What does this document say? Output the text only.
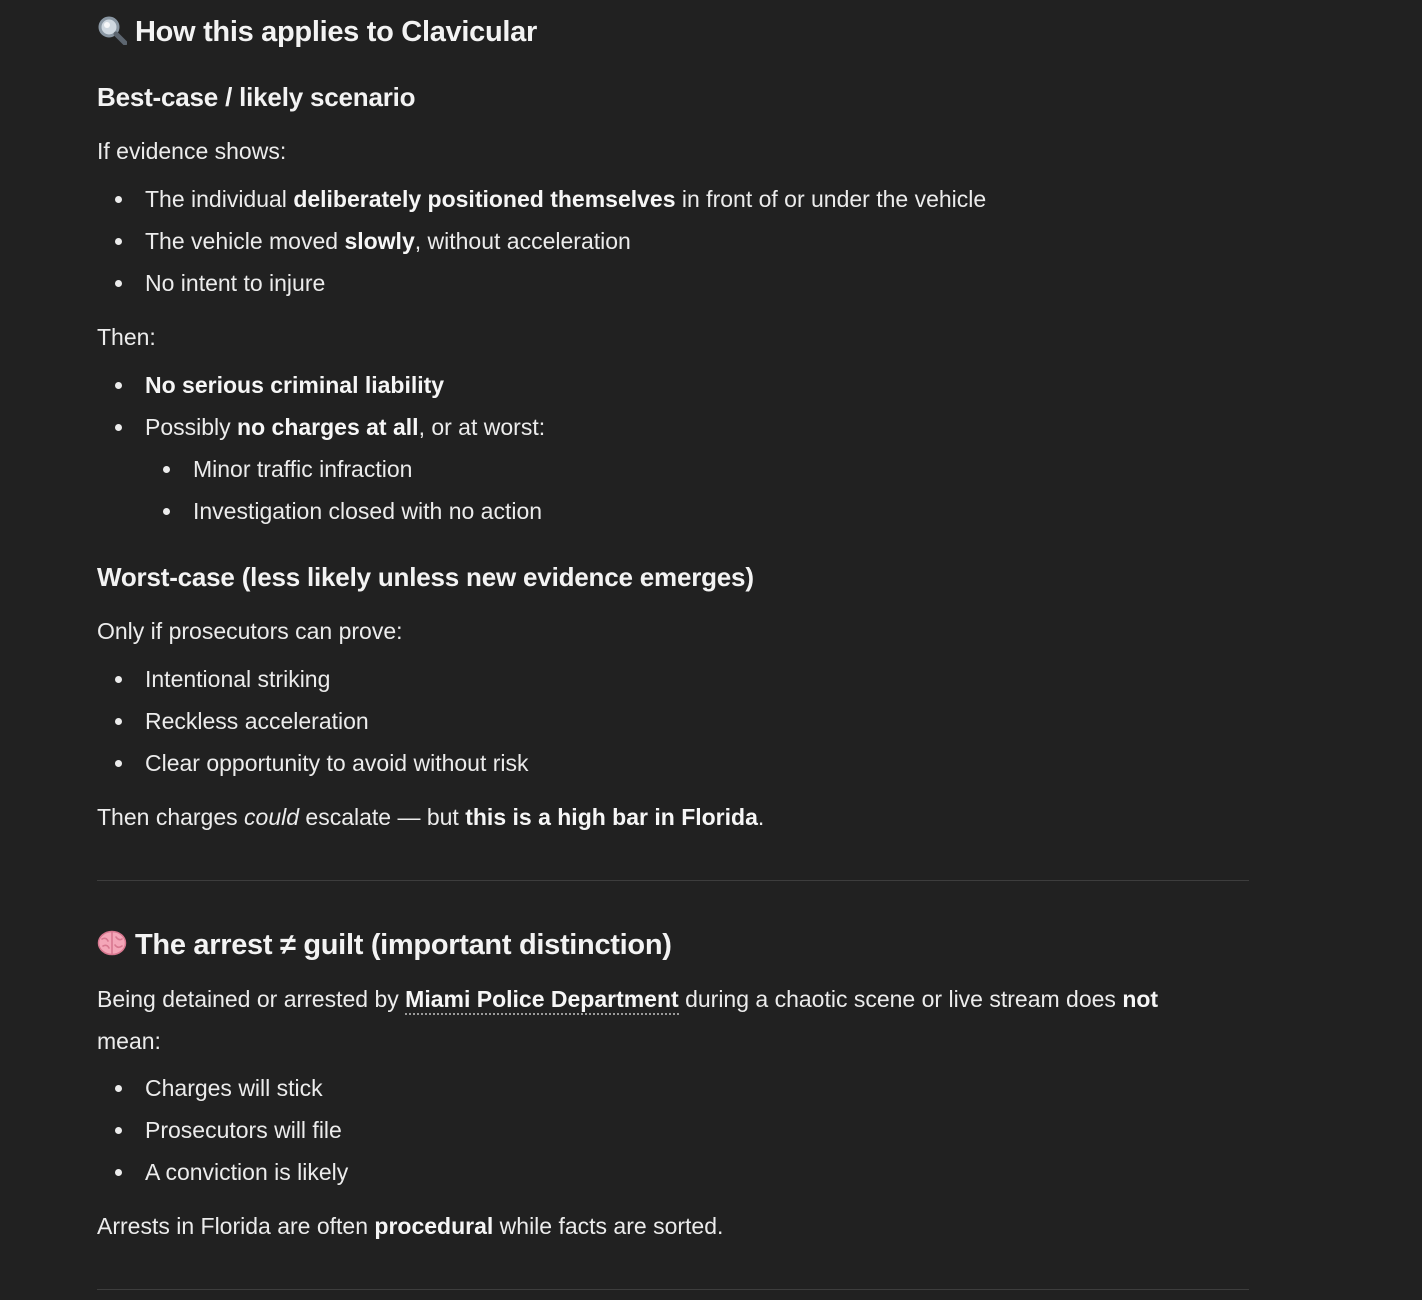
How this applies to Clavicular
Best-case / likely scenario

If evidence shows:

The individual deliberately positioned themselves in front of or under the vehicle
The vehicle moved slowly, without acceleration
No intent to injure

Then:

No serious criminal liability
Possibly no charges at all, or at worst:
Minor traffic infraction
Investigation closed with no action
Worst-case (less likely unless new evidence emerges)

Only if prosecutors can prove:

Intentional striking
Reckless acceleration
Clear opportunity to avoid without risk

Then charges could escalate — but this is a high bar in Florida.

The arrest ≠ guilt (important distinction)

Being detained or arrested by Miami Police Department during a chaotic scene or live stream does not mean:

Charges will stick
Prosecutors will file
A conviction is likely

Arrests in Florida are often procedural while facts are sorted.
